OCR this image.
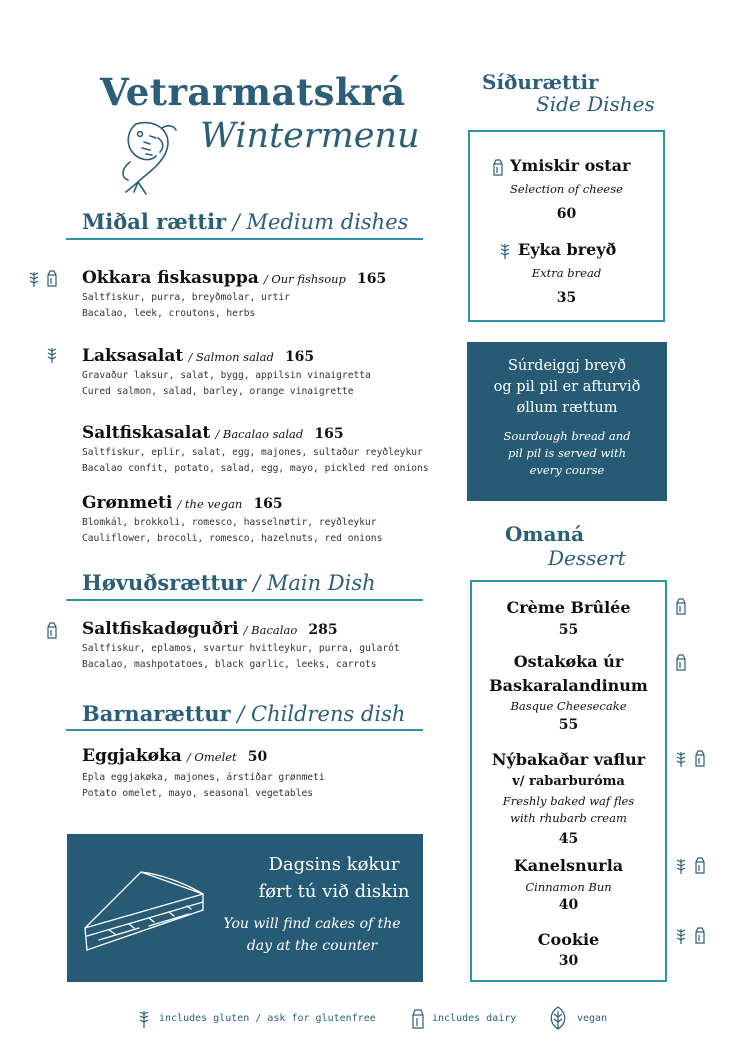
Vetrarmatskrá
Wintermenu
Miðal rættir / Medium dishes
Okkara fiskasuppa / Our fishsoup 165
Saltfiskur, purra, breyðmolar, urtir
Bacalao, leek, croutons, herbs
Laksasalat / Salmon salad 165
Gravaður laksur, salat, bygg, appilsin vinaigretta
Cured salmon, salad, barley, orange vinaigrette
Saltfiskasalat / Bacalao salad 165
Saltfiskur, eplir, salat, egg, majones, sultaður reyðleykur
Bacalao confit, potato, salad, egg, mayo, pickled red onions
Grønmeti / the vegan 165
Blomkál, brokkoli, romesco, hasselnøtir, reyðleykur
Cauliflower, brocoli, romesco, hazelnuts, red onions
Høvuðsrættur / Main Dish
Saltfiskadøguðri / Bacalao 285
Saltfiskur, eplamos, svartur hvitleykur, purra, gularót
Bacalao, mashpotatoes, black garlic, leeks, carrots
Barnarættur / Childrens dish
Eggjakøka / Omelet 50
Epla eggjakøka, majones, árstíðar grønmeti
Potato omelet, mayo, seasonal vegetables
Dagsins køkur
ført tú við diskin
You will find cakes of the
day at the counter
Síðurættir
Side Dishes
Ymiskir ostar
Selection of cheese
60
Eyka breyð
Extra bread
35
Súrdeiggj breyð
og pil pil er afturvið
øllum rættum
Sourdough bread and
pil pil is served with
every course
Omaná
Dessert
Crème Brûlée
55
Ostakøka úr
Baskaralandinum
Basque Cheesecake
55
Nýbakaðar vaflur
v/ rabarburóma
Freshly baked waf fles
with rhubarb cream
45
Kanelsnurla
Cinnamon Bun
40
Cookie
30
includes gluten / ask for glutenfree	includes dairy	vegan
